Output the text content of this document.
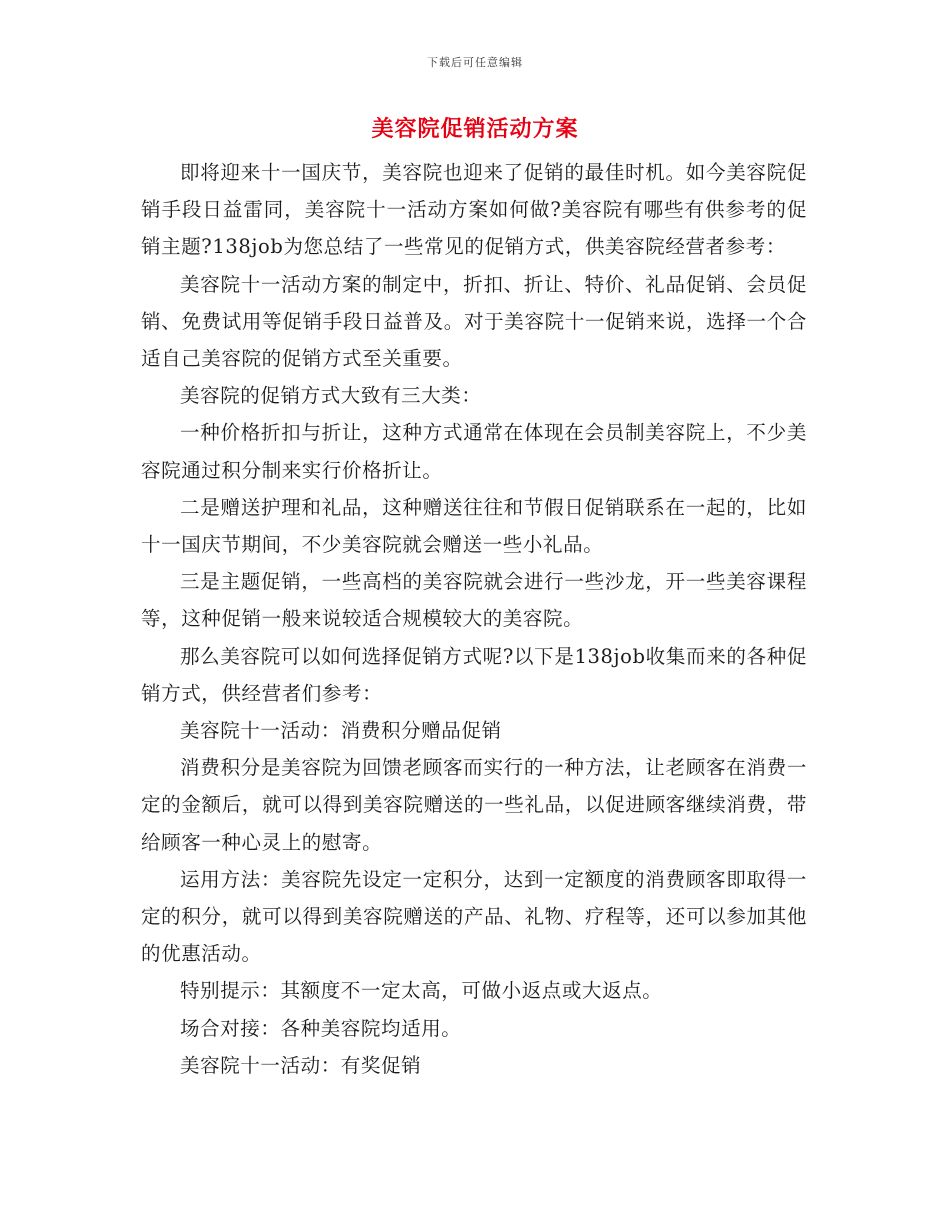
下载后可任意编辑
美容院促销活动方案

即将迎来十一国庆节，美容院也迎来了促销的最佳时机。如今美容院促销手段日益雷同，美容院十一活动方案如何做?美容院有哪些有供参考的促销主题?138job为您总结了一些常见的促销方式，供美容院经营者参考：

美容院十一活动方案的制定中，折扣、折让、特价、礼品促销、会员促销、免费试用等促销手段日益普及。对于美容院十一促销来说，选择一个合适自己美容院的促销方式至关重要。

美容院的促销方式大致有三大类：

一种价格折扣与折让，这种方式通常在体现在会员制美容院上，不少美容院通过积分制来实行价格折让。

二是赠送护理和礼品，这种赠送往往和节假日促销联系在一起的，比如十一国庆节期间，不少美容院就会赠送一些小礼品。

三是主题促销，一些高档的美容院就会进行一些沙龙，开一些美容课程等，这种促销一般来说较适合规模较大的美容院。

那么美容院可以如何选择促销方式呢?以下是138job收集而来的各种促销方式，供经营者们参考：

美容院十一活动：消费积分赠品促销

消费积分是美容院为回馈老顾客而实行的一种方法，让老顾客在消费一定的金额后，就可以得到美容院赠送的一些礼品，以促进顾客继续消费，带给顾客一种心灵上的慰寄。

运用方法：美容院先设定一定积分，达到一定额度的消费顾客即取得一定的积分，就可以得到美容院赠送的产品、礼物、疗程等，还可以参加其他的优惠活动。

特别提示：其额度不一定太高，可做小返点或大返点。

场合对接：各种美容院均适用。

美容院十一活动：有奖促销
